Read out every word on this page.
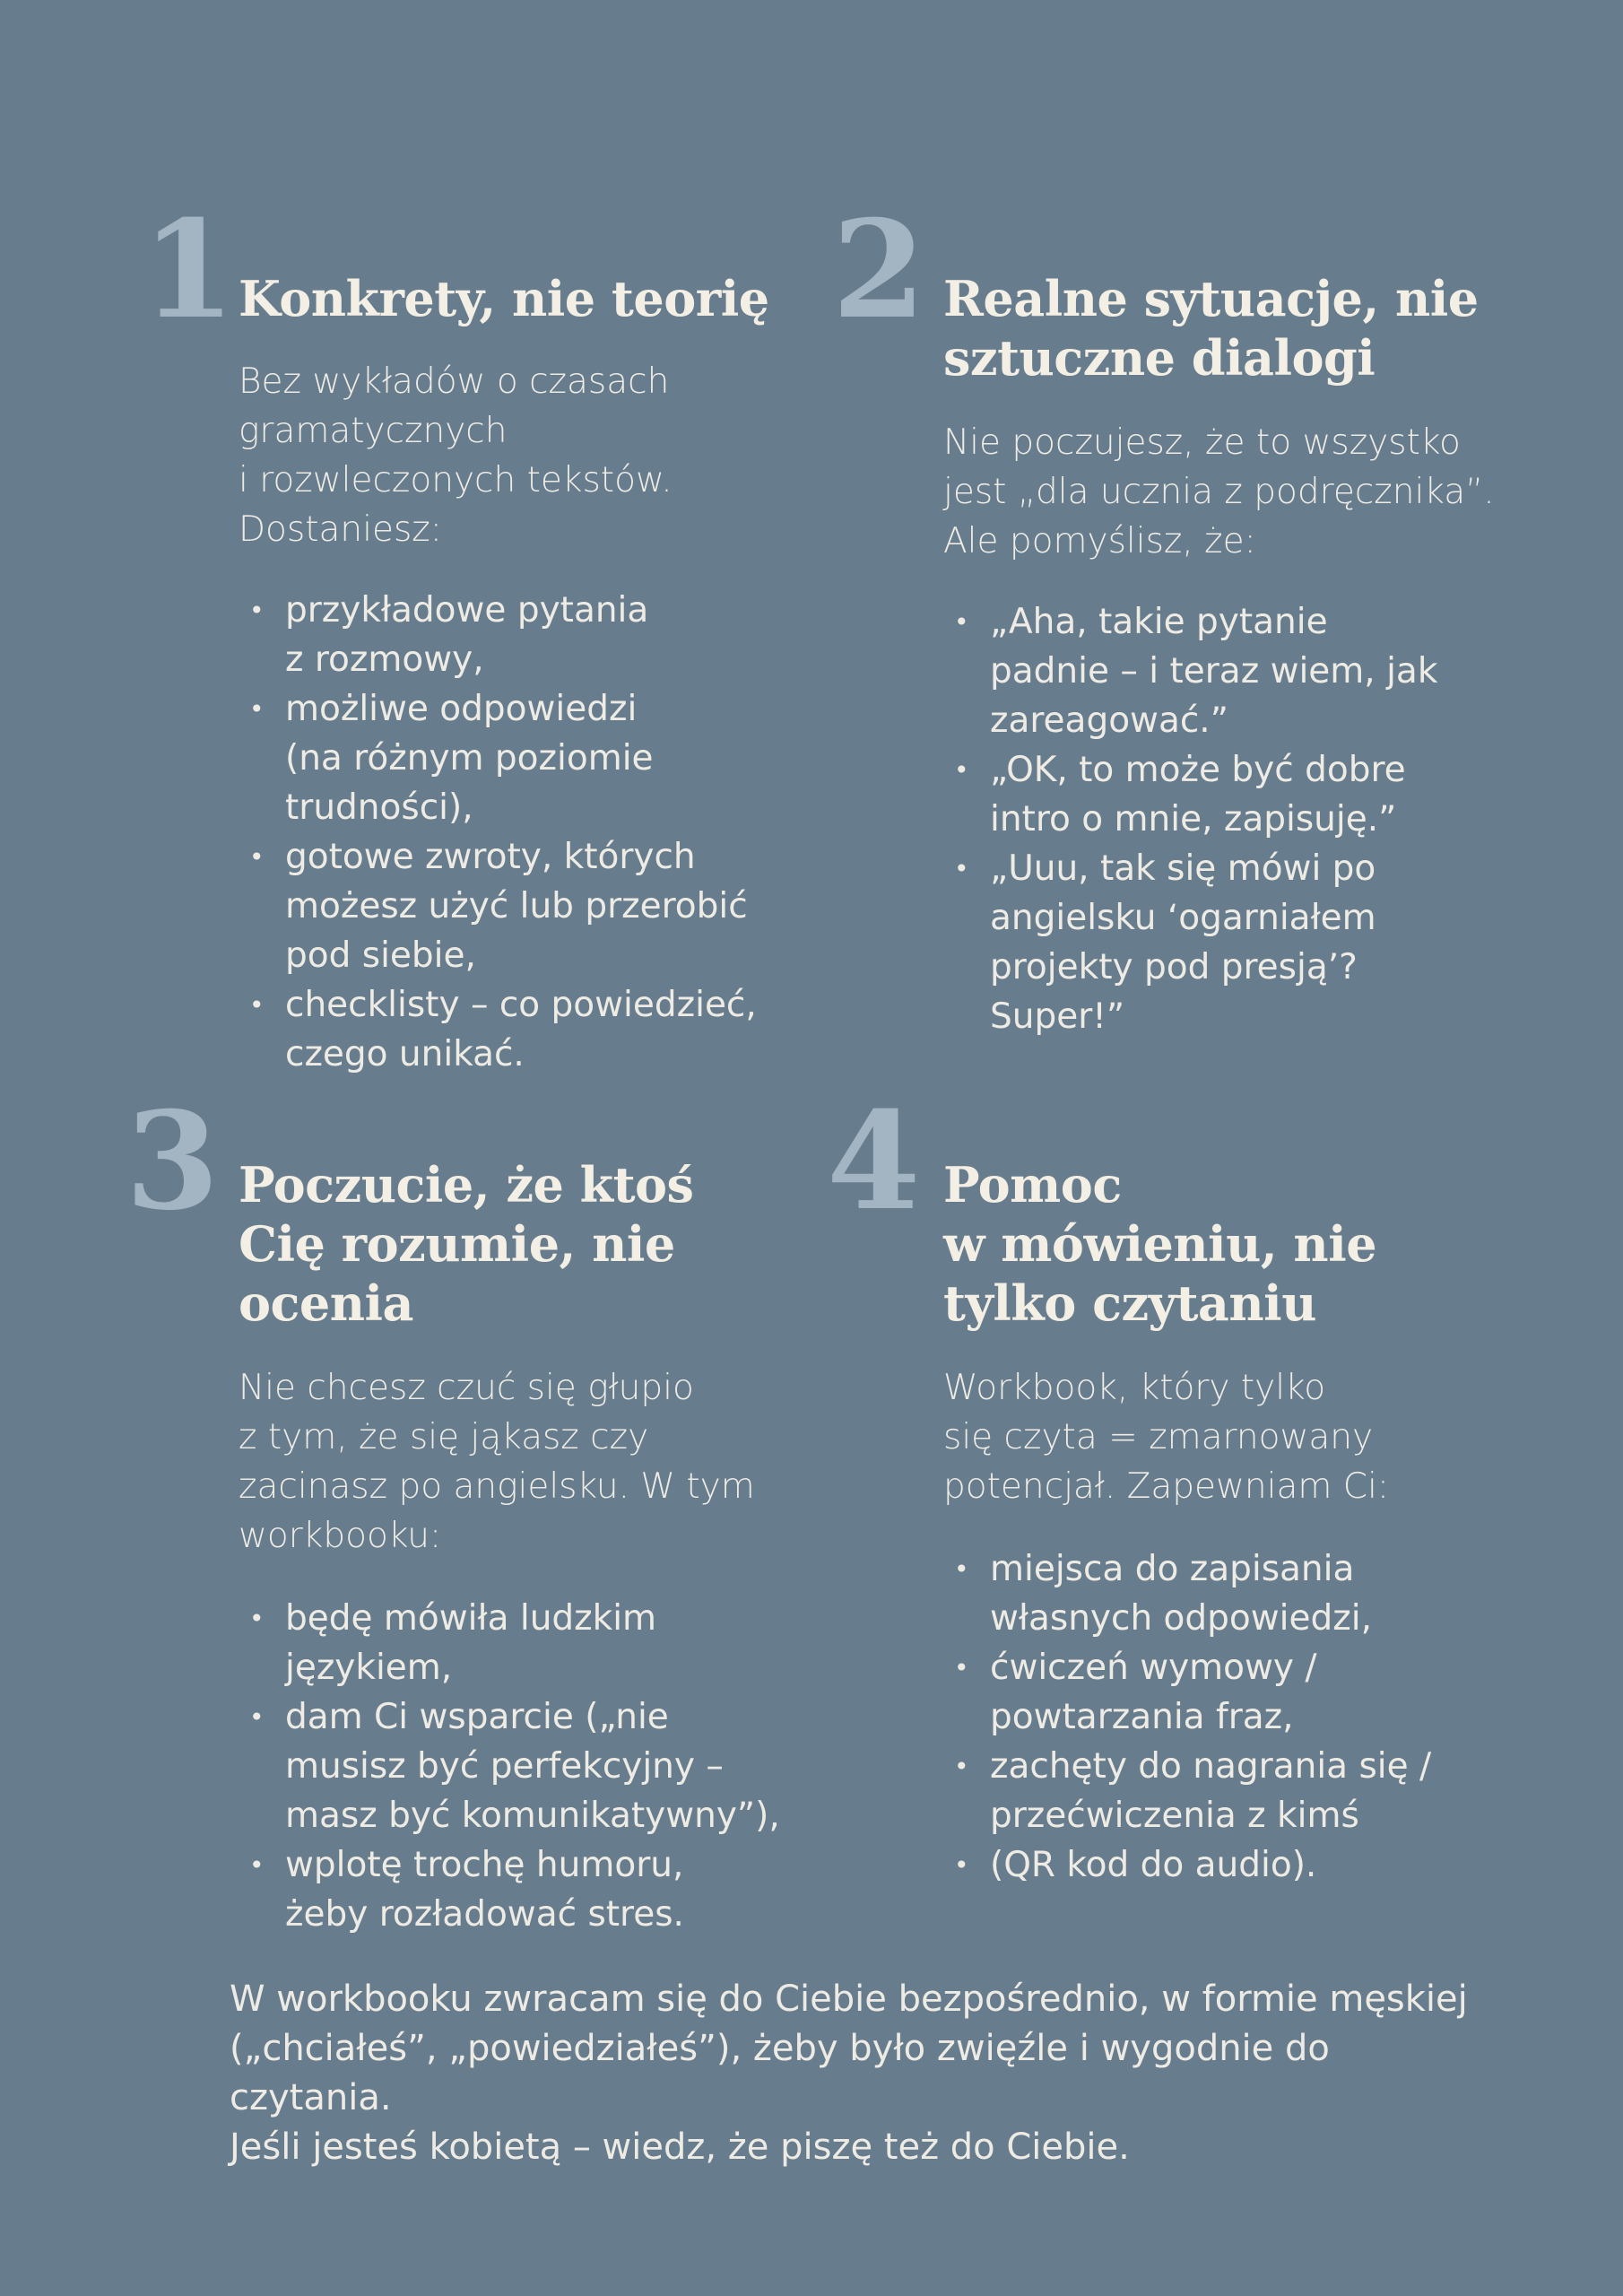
1 Konkrety, nie teorię

Bez wykładów o czasach
gramatycznych
i rozwleczonych tekstów.
Dostaniesz:

• przykładowe pytania
z rozmowy,
• możliwe odpowiedzi
(na różnym poziomie
trudności),
• gotowe zwroty, których
możesz użyć lub przerobić
pod siebie,
• checklisty – co powiedzieć,
czego unikać.
2 Realne sytuacje, nie
sztuczne dialogi

Nie poczujesz, że to wszystko
jest „dla ucznia z podręcznika”.
Ale pomyślisz, że:

• „Aha, takie pytanie
padnie – i teraz wiem, jak
zareagować.”
• „OK, to może być dobre
intro o mnie, zapisuję.”
• „Uuu, tak się mówi po
angielsku ‘ogarniałem
projekty pod presją’?
Super!”
3 Poczucie, że ktoś
Cię rozumie, nie
ocenia

Nie chcesz czuć się głupio
z tym, że się jąkasz czy
zacinasz po angielsku. W tym
workbooku:

• będę mówiła ludzkim
językiem,
• dam Ci wsparcie („nie
musisz być perfekcyjny –
masz być komunikatywny”),
• wplotę trochę humoru,
żeby rozładować stres.
4 Pomoc
w mówieniu, nie
tylko czytaniu

Workbook, który tylko
się czyta = zmarnowany
potencjał. Zapewniam Ci:

• miejsca do zapisania
własnych odpowiedzi,
• ćwiczeń wymowy /
powtarzania fraz,
• zachęty do nagrania się /
przećwiczenia z kimś
• (QR kod do audio).

W workbooku zwracam się do Ciebie bezpośrednio, w formie męskiej
(„chciałeś”, „powiedziałeś”), żeby było zwięźle i wygodnie do czytania.
Jeśli jesteś kobietą – wiedz, że piszę też do Ciebie.
